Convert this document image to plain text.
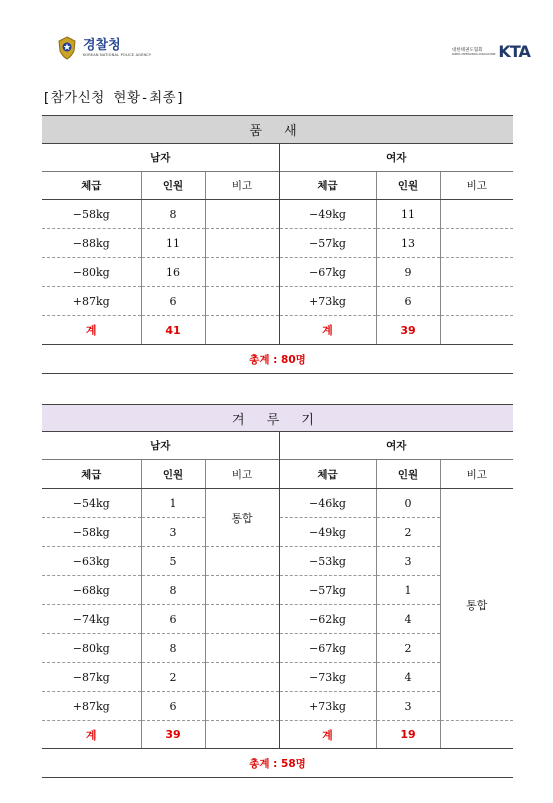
경찰청
KOREAN NATIONAL POLICE AGENCY
대한태권도협회
KOREA TAEKWONDO ASSOCIATION KTA
[참가신청 현황-최종]
품 새					
남자			여자		
체급	인원	비고	체급	인원	비고
−58kg	8		−49kg	11	
−88kg	11		−57kg	13	
−80kg	16		−67kg	9	
+87kg	6		+73kg	6	
계	41		계	39	
총계 : 80명					
겨 루 기					
남자			여자		
체급	인원	비고	체급	인원	비고
−54kg	1	통합	−46kg	0	통합
−58kg	3		−49kg	2	
−63kg	5		−53kg	3	
−68kg	8		−57kg	1	
−74kg	6		−62kg	4	
−80kg	8		−67kg	2	
−87kg	2		−73kg	4	
+87kg	6		+73kg	3	
계	39		계	19	
총계 : 58명					
